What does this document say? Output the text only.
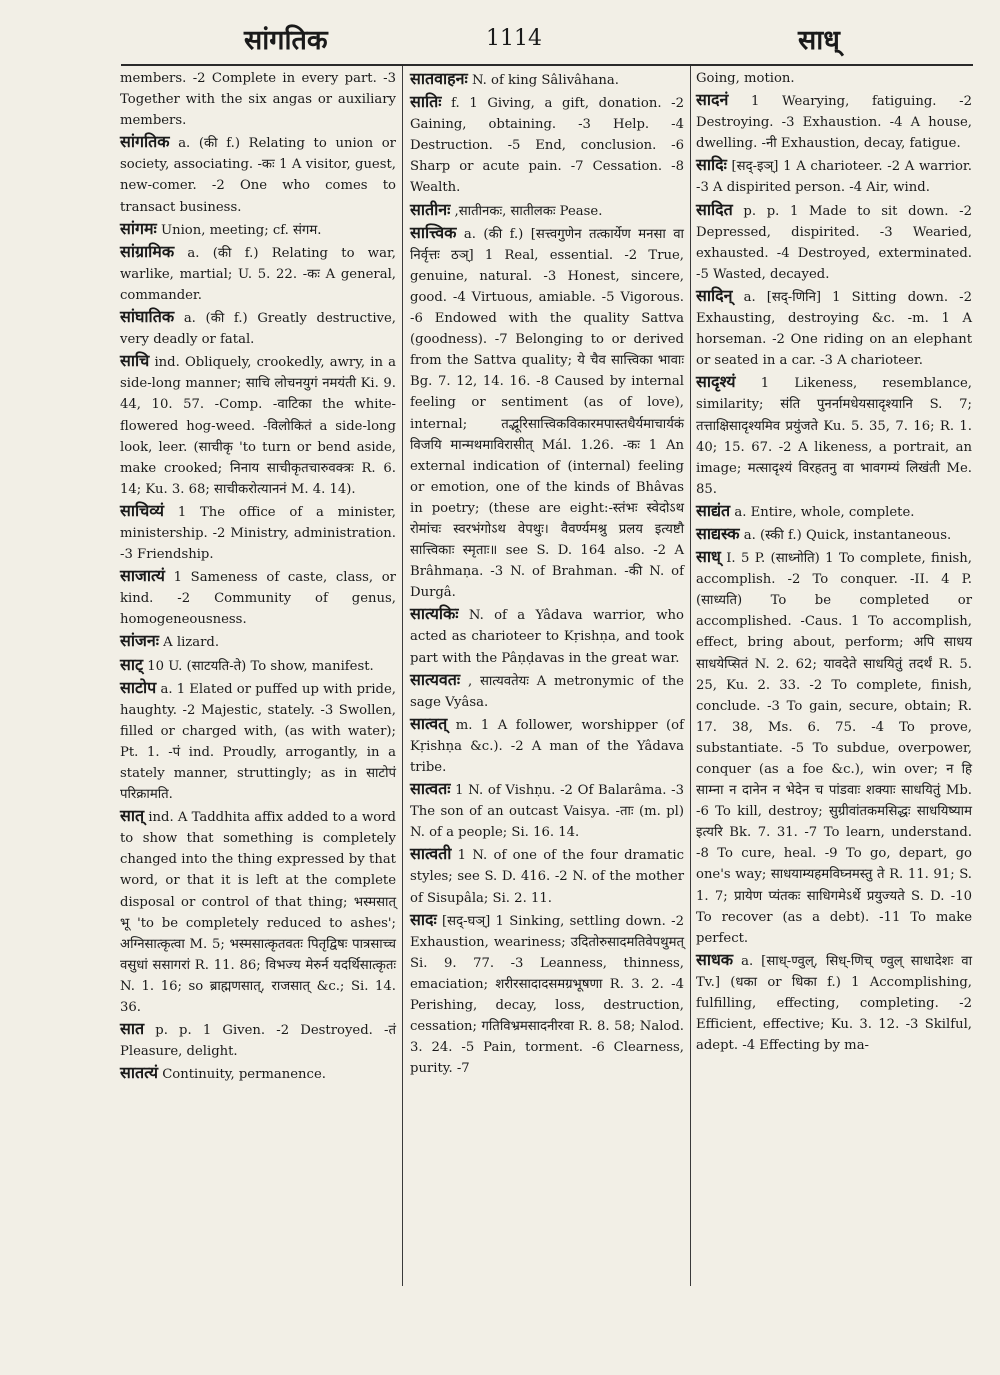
सांगतिक	1114	साध्

members. -2 Complete in every part. -3 Together with the six angas or auxiliary members.

सांगतिक a. (की f.) Relating to union or society, associating. -कः 1 A visitor, guest, new-comer. -2 One who comes to transact business.

सांगमः Union, meeting; cf. संगम.

सांग्रामिक a. (की f.) Relating to war, warlike, martial; U. 5. 22. -कः A general, commander.

सांघातिक a. (की f.) Greatly destructive, very deadly or fatal.

साचि ind. Obliquely, crookedly, awry, in a side-long manner; साचि लोचनयुगं नमयंती Ki. 9. 44, 10. 57. -Comp. -वाटिका the white-flowered hog-weed. -विलोकितं a side-long look, leer. (साचीकृ 'to turn or bend aside, make crooked; निनाय साचीकृतचारुवक्त्रः R. 6. 14; Ku. 3. 68; साचीकरोत्याननं M. 4. 14).

साचिव्यं 1 The office of a minister, ministership. -2 Ministry, administration. -3 Friendship.

साजात्यं 1 Sameness of caste, class, or kind. -2 Community of genus, homogeneousness.

सांजनः A lizard.

साट् 10 U. (साटयति-ते) To show, manifest.

साटोप a. 1 Elated or puffed up with pride, haughty. -2 Majestic, stately. -3 Swollen, filled or charged with, (as with water); Pt. 1. -पं ind. Proudly, arrogantly, in a stately manner, struttingly; as in साटोपं परिक्रामति.

सात् ind. A Taddhita affix added to a word to show that something is completely changed into the thing expressed by that word, or that it is left at the complete disposal or control of that thing; भस्मसात् भू 'to be completely reduced to ashes'; अग्निसात्कृत्वा M. 5; भस्मसात्कृतवतः पितृद्विषः पात्रसाच्च वसुधां ससागरां R. 11. 86; विभज्य मेरुर्न यदर्थिसात्कृतः N. 1. 16; so ब्राह्मणसात्, राजसात् &c.; Si. 14. 36.

सात p. p. 1 Given. -2 Destroyed. -तं Pleasure, delight.

सातत्यं Continuity, permanence.

सातवाहनः N. of king Sâlivâhana.

सातिः f. 1 Giving, a gift, donation. -2 Gaining, obtaining. -3 Help. -4 Destruction. -5 End, conclusion. -6 Sharp or acute pain. -7 Cessation. -8 Wealth.

सातीनः ,सातीनकः, सातीलकः Pease.

सात्त्विक a. (की f.) [सत्त्वगुणेन तत्कार्येण मनसा वा निर्वृत्तः ठञ्] 1 Real, essential. -2 True, genuine, natural. -3 Honest, sincere, good. -4 Virtuous, amiable. -5 Vigorous. -6 Endowed with the quality Sattva (goodness). -7 Belonging to or derived from the Sattva quality; ये चैव सात्त्विका भावाः Bg. 7. 12, 14. 16. -8 Caused by internal feeling or sentiment (as of love), internal; तद्भूरिसात्त्विकविकारमपास्तधैर्यमाचार्यकं विजयि मान्मथमाविरासीत् Mál. 1.26. -कः 1 An external indication of (internal) feeling or emotion, one of the kinds of Bhâvas in poetry; (these are eight:-स्तंभः स्वेदोऽथ रोमांचः स्वरभंगोऽथ वेपथुः। वैवर्ण्यमश्रु प्रलय इत्यष्टौ सात्त्विकाः स्मृताः॥ see S. D. 164 also. -2 A Brâhmaṇa. -3 N. of Brahman. -की N. of Durgâ.

सात्यकिः N. of a Yâdava warrior, who acted as charioteer to Kṛishṇa, and took part with the Pâṇḍavas in the great war.

सात्यवतः , सात्यवतेयः A metronymic of the sage Vyâsa.

सात्वत् m. 1 A follower, worshipper (of Kṛishṇa &c.). -2 A man of the Yâdava tribe.

सात्वतः 1 N. of Vishṇu. -2 Of Balarâma. -3 The son of an outcast Vaisya. -ताः (m. pl) N. of a people; Si. 16. 14.

सात्वती 1 N. of one of the four dramatic styles; see S. D. 416. -2 N. of the mother of Sisupâla; Si. 2. 11.

सादः [सद्-घञ्] 1 Sinking, settling down. -2 Exhaustion, weariness; उदितोरुसादमतिवेपथुमत् Si. 9. 77. -3 Leanness, thinness, emaciation; शरीरसादादसमग्रभूषणा R. 3. 2. -4 Perishing, decay, loss, destruction, cessation; गतिविभ्रमसादनीरवा R. 8. 58; Nalod. 3. 24. -5 Pain, torment. -6 Clearness, purity. -7

Going, motion.

सादनं 1 Wearying, fatiguing. -2 Destroying. -3 Exhaustion. -4 A house, dwelling. -नी Exhaustion, decay, fatigue.

सादिः [सद्-इञ्] 1 A charioteer. -2 A warrior. -3 A dispirited person. -4 Air, wind.

सादित p. p. 1 Made to sit down. -2 Depressed, dispirited. -3 Wearied, exhausted. -4 Destroyed, exterminated. -5 Wasted, decayed.

सादिन् a. [सद्-णिनि] 1 Sitting down. -2 Exhausting, destroying &c. -m. 1 A horseman. -2 One riding on an elephant or seated in a car. -3 A charioteer.

सादृश्यं 1 Likeness, resemblance, similarity; संति पुनर्नामधेयसादृश्यानि S. 7; तत्ताक्षिसादृश्यमिव प्रयुंजते Ku. 5. 35, 7. 16; R. 1. 40; 15. 67. -2 A likeness, a portrait, an image; मत्सादृश्यं विरहतनु वा भावगम्यं लिखंती Me. 85.

साद्यंत a. Entire, whole, complete.

साद्यस्क a. (स्की f.) Quick, instantaneous.

साध् I. 5 P. (साध्नोति) 1 To complete, finish, accomplish. -2 To conquer. -II. 4 P. (साध्यति) To be completed or accomplished. -Caus. 1 To accomplish, effect, bring about, perform; अपि साधय साधयेप्सितं N. 2. 62; यावदेते साधयितुं तदर्थं R. 5. 25, Ku. 2. 33. -2 To complete, finish, conclude. -3 To gain, secure, obtain; R. 17. 38, Ms. 6. 75. -4 To prove, substantiate. -5 To subdue, overpower, conquer (as a foe &c.), win over; न हि साम्ना न दानेन न भेदेन च पांडवाः शक्याः साधयितुं Mb. -6 To kill, destroy; सुग्रीवांतकमसिद्धः साधयिष्याम इत्यरि Bk. 7. 31. -7 To learn, understand. -8 To cure, heal. -9 To go, depart, go one's way; साधयाम्यहमविघ्नमस्तु ते R. 11. 91; S. 1. 7; प्रायेण प्यंतकः साधिगमेऽर्थे प्रयुज्यते S. D. -10 To recover (as a debt). -11 To make perfect.

साधक a. [साध्-ण्वुल्, सिध्-णिच् ण्वुल् साधादेशः वा Tv.] (धका or धिका f.) 1 Accomplishing, fulfilling, effecting, completing. -2 Efficient, effective; Ku. 3. 12. -3 Skilful, adept. -4 Effecting by ma-
